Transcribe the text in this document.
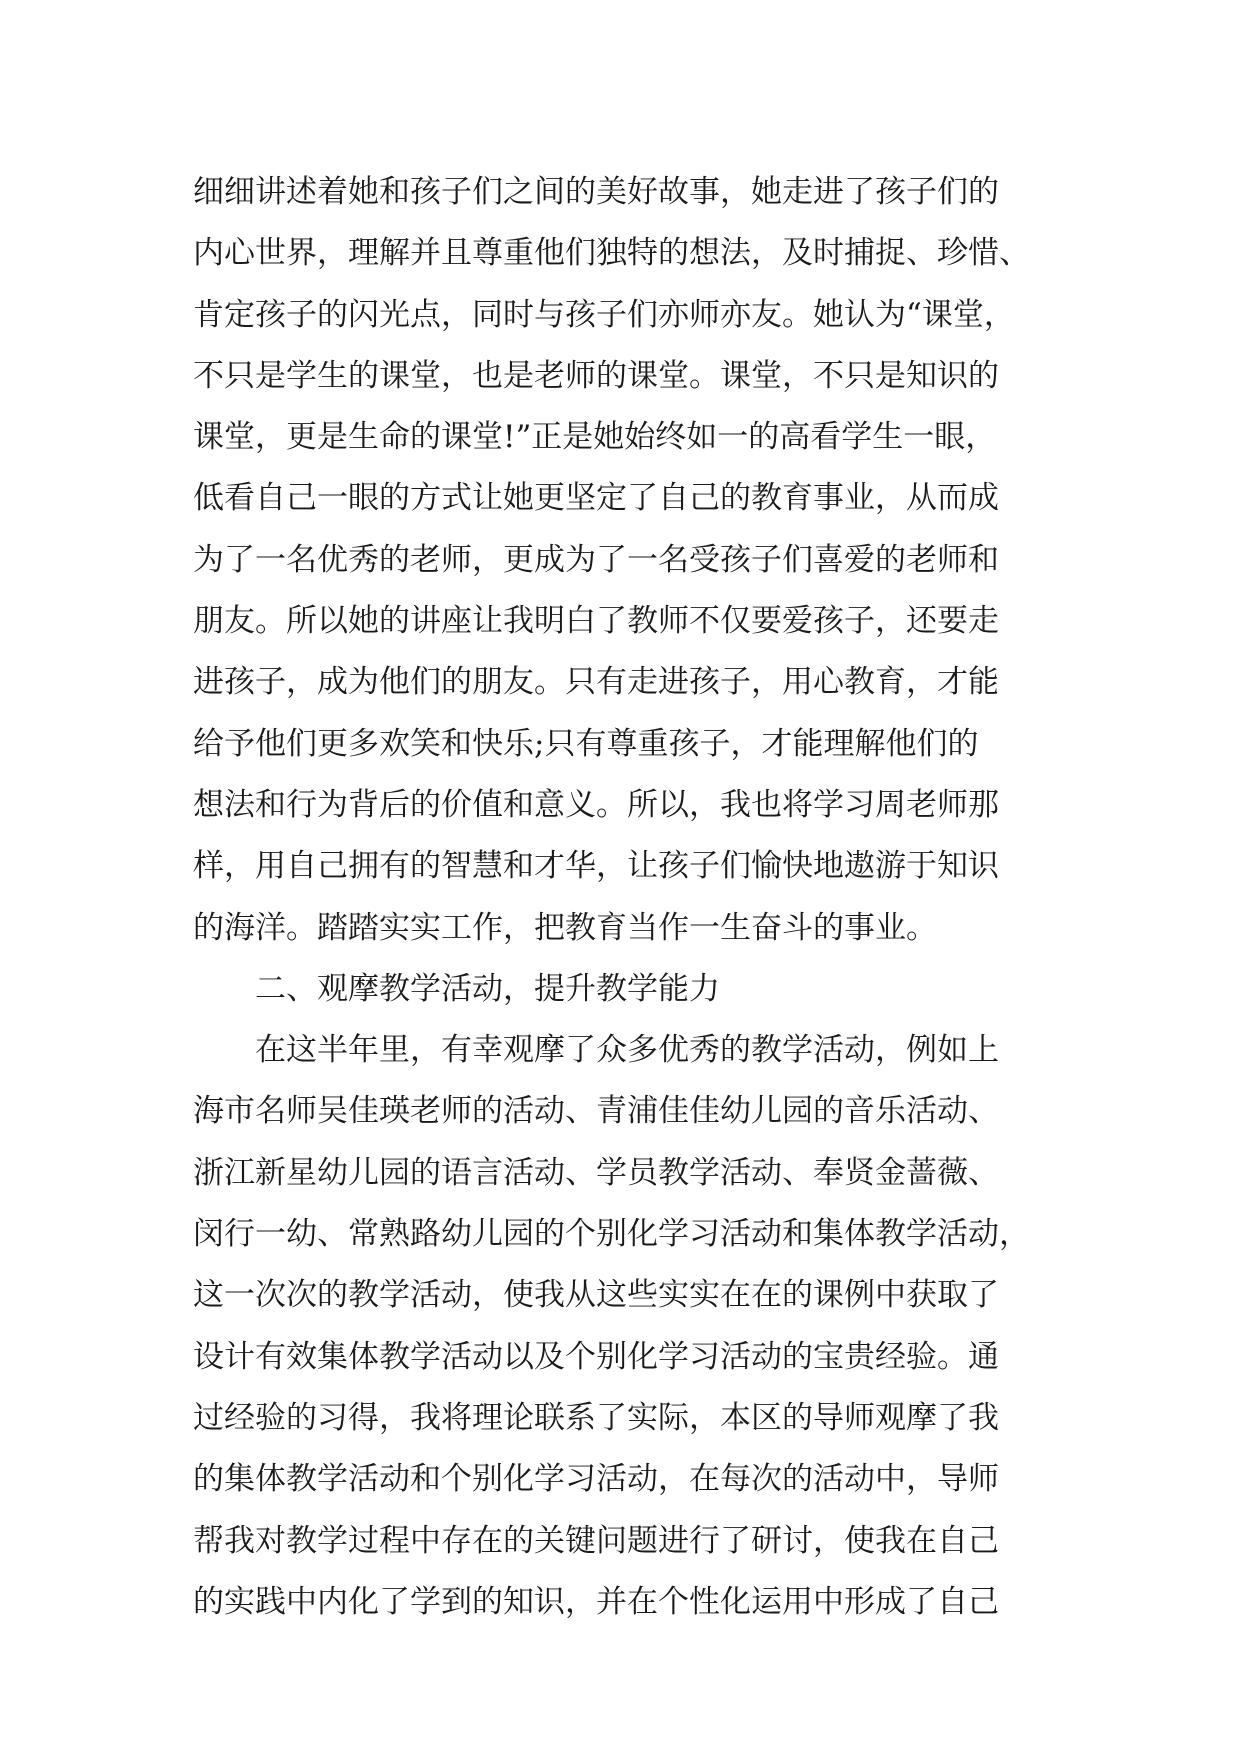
细细讲述着她和孩子们之间的美好故事，她走进了孩子们的
内心世界，理解并且尊重他们独特的想法，及时捕捉、珍惜、
肯定孩子的闪光点，同时与孩子们亦师亦友。她认为“课堂，
不只是学生的课堂，也是老师的课堂。课堂，不只是知识的
课堂，更是生命的课堂!”正是她始终如一的高看学生一眼，
低看自己一眼的方式让她更坚定了自己的教育事业，从而成
为了一名优秀的老师，更成为了一名受孩子们喜爱的老师和
朋友。所以她的讲座让我明白了教师不仅要爱孩子，还要走
进孩子，成为他们的朋友。只有走进孩子，用心教育，才能
给予他们更多欢笑和快乐;只有尊重孩子，才能理解他们的
想法和行为背后的价值和意义。所以，我也将学习周老师那
样，用自己拥有的智慧和才华，让孩子们愉快地遨游于知识
的海洋。踏踏实实工作，把教育当作一生奋斗的事业。
二、观摩教学活动，提升教学能力
在这半年里，有幸观摩了众多优秀的教学活动，例如上
海市名师吴佳瑛老师的活动、青浦佳佳幼儿园的音乐活动、
浙江新星幼儿园的语言活动、学员教学活动、奉贤金蔷薇、
闵行一幼、常熟路幼儿园的个别化学习活动和集体教学活动，
这一次次的教学活动，使我从这些实实在在的课例中获取了
设计有效集体教学活动以及个别化学习活动的宝贵经验。通
过经验的习得，我将理论联系了实际，本区的导师观摩了我
的集体教学活动和个别化学习活动，在每次的活动中，导师
帮我对教学过程中存在的关键问题进行了研讨，使我在自己
的实践中内化了学到的知识，并在个性化运用中形成了自己
